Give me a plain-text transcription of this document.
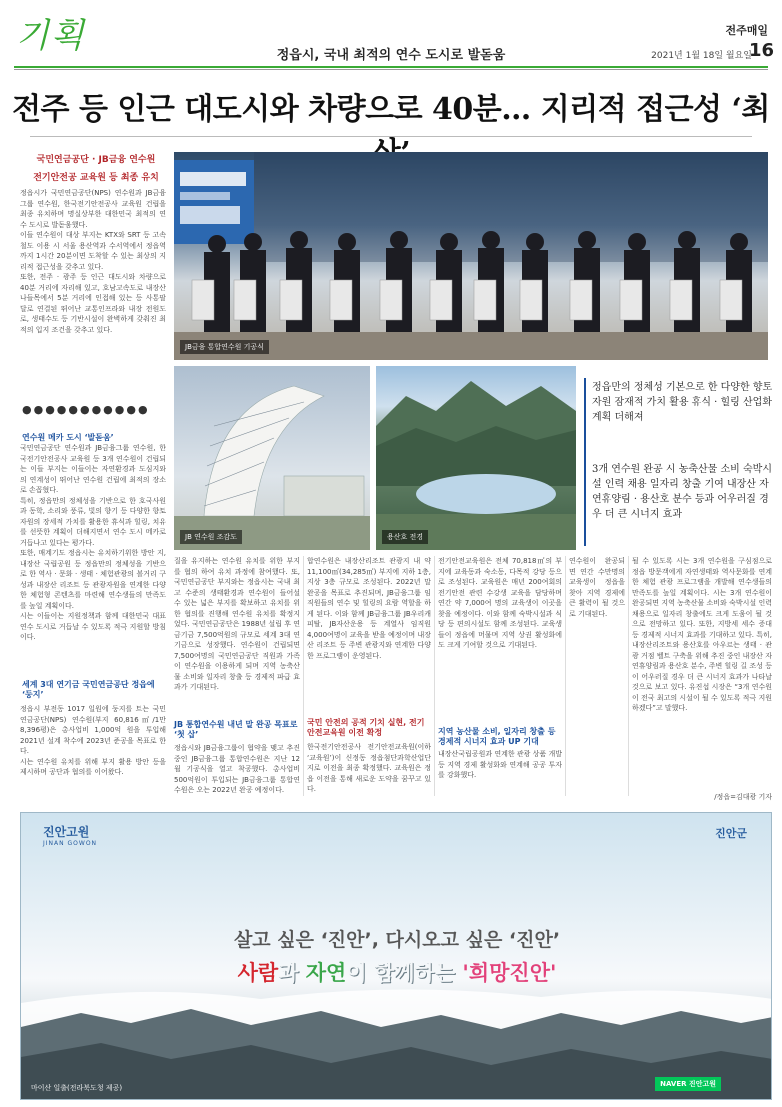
기획	정읍시, 국내 최적의 연수 도시로 발돋움
전주매일
2021년 1월 18일 월요일
16
전주 등 인근 대도시와 차량으로 40분… 지리적 접근성 ‘최
국민연금공단 · JB금융 연수원
전기안전공 교육원 등 최종 유치

정읍시가 국민연금공단(NPS) 연수원과 JB금융그룹 연수원, 한국전기안전공사 교육원 건립을 최종 유치하며 명실상부한 대한민국 최적의 연수 도시로 발돋움했다.

이들 연수원이 대상 부지는 KTX와 SRT 등 고속철도 이용 시 서울 용산역과 수서역에서 정읍역까지 1시간 20분이면 도착할 수 있는 최상의 지리적 접근성을 갖추고 있다.

또한, 전주 · 광주 등 인근 대도시와 차량으로 40분 거리에 자리해 있고, 호남고속도로 내장산 나들목에서 5분 거리에 인접해 있는 등 사통팔달로 연결된 뛰어난 교통인프라와 내장 전원도로, 생태수도 등 기반시설이 완벽하게 갖춰진 최적의 입지 조건을 갖추고 있다.

●●●●●●●●●●●
연수원 메카 도시 ‘발돋움’

국민연금공단 연수원과 JB금융그룹 연수원, 한국전기안전공사 교육원 등 3개 연수원이 건립되는 이들 부지는 이들이는 자연환경과 도심지와의 연계성이 뛰어난 연수원 건립에 최적의 장소로 손꼽혔다.

특히, 정읍만의 정체성을 기반으로 한 호국사원과 동학, 소리와 풍류, 빛의 향기 등 다양한 향토자원의 장세적 가치를 활용한 휴식과 힐링, 치유를 선뜻한 계획이 더해지면서 연수 도시 메카로 거듭나고 있다는 평가다.

또한, 매계기도 정읍시는 유치하기위한 방안 지, 내장산 국립공원 등 정읍만의 정체성을 기반으로 한 역사 · 문화 · 생태 · 체험관광의 볼거리 구성과 내장산 리조트 등 관광자원을 연계한 다양한 체험형 콘텐츠를 마련해 연수생들의 만족도를 높일 계획이다.

시는 이들이는 지원정책과 함께 대한민국 대표 연수 도시로 거듭날 수 있도록 적극 지원할 방침이다.

세계 3대 연기금 국민연금공단 정읍에 ‘둥지’

정읍시 부전동 1017 일원에 둥지를 트는 국민연금공단(NPS) 연수원(부지 60,816㎡/1만8,396평)은 총사업비 1,000억 원을 투입해 2021년 설계 착수에 2023년 준공을 목표로 한다.

시는 연수원 유치를 위해 부지 활용 방안 등을 제시하며 공단과 협의를 이어왔다.

JB금융 통합연수원 기공식
JB 연수원 조감도	용산호 전경
정읍만의 정체성 기본으로 한 다양한 향토자원 잠재적 가치 활용 휴식 · 힐링 산업화 계획 더해져
3개 연수원 완공 시 농축산물 소비 숙박시설 인력 채용 일자리 창출 기여 내장산 자연휴양림 · 용산호 분수 등과 어우러질 경우 더 큰 시너지 효과
질을 유지하는 연수원 유치를 위한 부지를 협의 하여 유치 과정에 참여했다. 또, 국민연금공단 부지와는 정읍시는 국내 최고 수준의 생태환경과 연수원이 들어설 수 있는 넓은 부지를 확보하고 유치를 위한 협의를 진행해 연수원 유치를 확정지었다. 국민연금공단은 1988년 설립 후 연금기금 7,500억원의 규모로 세계 3대 연기금으로 성장했다. 연수원이 건립되면 7,500여명의 국민연금공단 직원과 가족이 연수원을 이용하게 되며 지역 농축산물 소비와 일자리 창출 등 경제적 파급 효과가 기대된다.
JB 통합연수원 내년 말 완공 목표로 ‘첫 삽’
정읍시와 JB금융그룹이 협약을 맺고 추진 중인 JB금융그룹 통합연수원은 지난 12월 기공식을 열고 착공했다. 총사업비 500억원이 투입되는 JB금융그룹 통합연수원은 오는 2022년 완공 예정이다.
합연수원은 내장산리조트 관광지 내 약 11,100㎡(34,285㎡) 부지에 지하 1층, 지상 3층 규모로 조성된다. 2022년 말 완공을 목표로 추진되며, JB금융그룹 임직원들의 연수 및 힐링의 요람 역할을 하게 된다. 이와 함께 JB금융그룹 JB우리캐피탈, JB자산운용 등 계열사 임직원 4,000여명이 교육을 받을 예정이며 내장산 리조트 등 주변 관광지와 연계한 다양한 프로그램이 운영된다.
국민 안전의 공적 기치 실현, 전기안전교육원 이전 확정
한국전기안전공사 전기안전교육원(이하 ‘교육원’)이 신정동 정읍첨단과학산업단지로 이전을 최종 확정했다. 교육원은 정읍 이전을 통해 새로운 도약을 꿈꾸고 있다.
전기안전교육원은 전체 70,818㎡의 부지에 교육동과 숙소동, 다목적 강당 등으로 조성된다. 교육원은 매년 200여회의 전기안전 관련 수강생 교육을 담당하며 연간 약 7,000여 명의 교육생이 이곳을 찾을 예정이다. 이와 함께 숙박시설과 식당 등 편의시설도 함께 조성된다. 교육생들이 정읍에 머물며 지역 상권 활성화에도 크게 기여할 것으로 기대된다.
지역 농산물 소비, 일자리 창출 등 경제적 시너지 효과 UP 기대
내장산국립공원과 연계한 관광 상품 개발 등 지역 경제 활성화와 연계해 공공 투자를 강화했다.
연수원이 완공되면 연간 수만명의 교육생이 정읍을 찾아 지역 경제에 큰 활력이 될 것으로 기대된다.
될 수 있도록 시는 3개 연수원을 구심점으로 정읍 방문객에게 자연생태와 역사문화를 연계한 체험 관광 프로그램을 개발해 연수생들의 만족도를 높일 계획이다. 시는 3개 연수원이 완공되면 지역 농축산물 소비와 숙박시설 인력 채용으로 일자리 창출에도 크게 도움이 될 것으로 전망하고 있다. 또한, 지방세 세수 증대 등 경제적 시너지 효과를 기대하고 있다. 특히, 내장산리조트와 용산호를 아우르는 생태 · 관광 거점 벨트 구축을 위해 추진 중인 내장산 자연휴양림과 용산호 분수, 주변 힐링 길 조성 등이 어우러질 경우 더 큰 시너지 효과가 나타날 것으로 보고 있다. 유진섭 시장은 “3개 연수원이 전국 최고의 시설이 될 수 있도록 적극 지원하겠다”고 말했다.
/정읍=김대광 기자
진안고원
JINAN GOWON
진안군
살고 싶은 ‘진안’, 다시오고 싶은 ‘진안’
사람과 자연이 함께하는 '희망진안'
마이산 일출(전라북도청 제공)	NAVER 진안고원
